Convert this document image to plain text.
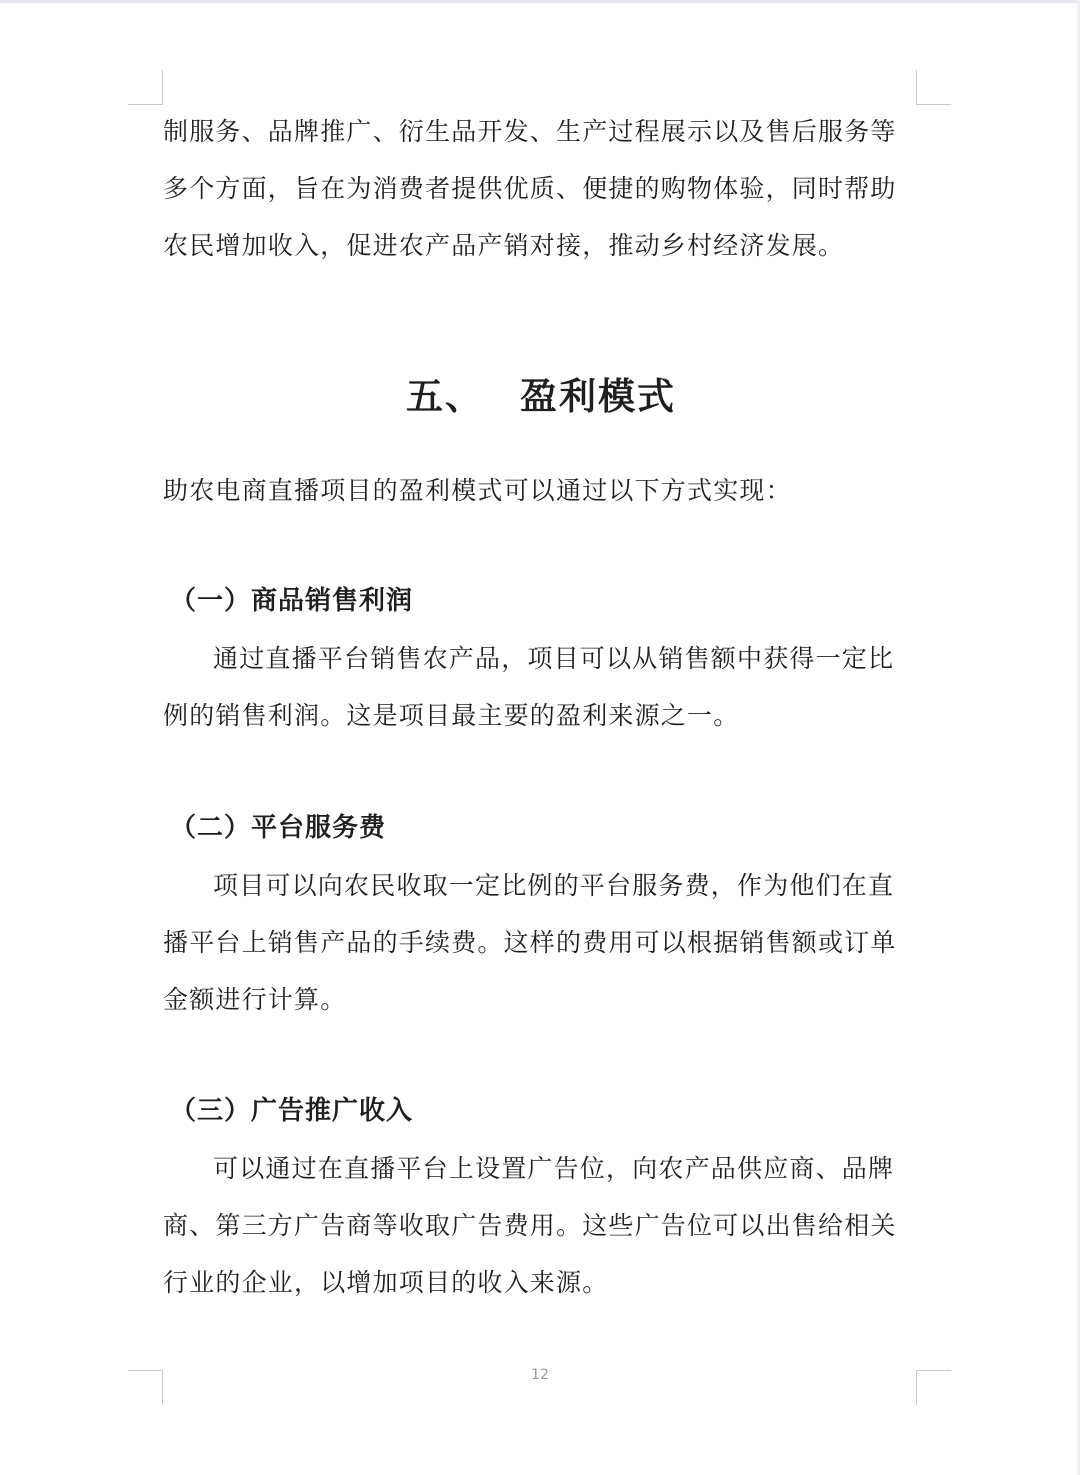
制服务、品牌推广、衍生品开发、生产过程展示以及售后服务等多个方面，旨在为消费者提供优质、便捷的购物体验，同时帮助农民增加收入，促进农产品产销对接，推动乡村经济发展。

五、 盈利模式

助农电商直播项目的盈利模式可以通过以下方式实现：

（一）商品销售利润

通过直播平台销售农产品，项目可以从销售额中获得一定比例的销售利润。这是项目最主要的盈利来源之一。

（二）平台服务费

项目可以向农民收取一定比例的平台服务费，作为他们在直播平台上销售产品的手续费。这样的费用可以根据销售额或订单金额进行计算。

（三）广告推广收入

可以通过在直播平台上设置广告位，向农产品供应商、品牌商、第三方广告商等收取广告费用。这些广告位可以出售给相关行业的企业，以增加项目的收入来源。

12
